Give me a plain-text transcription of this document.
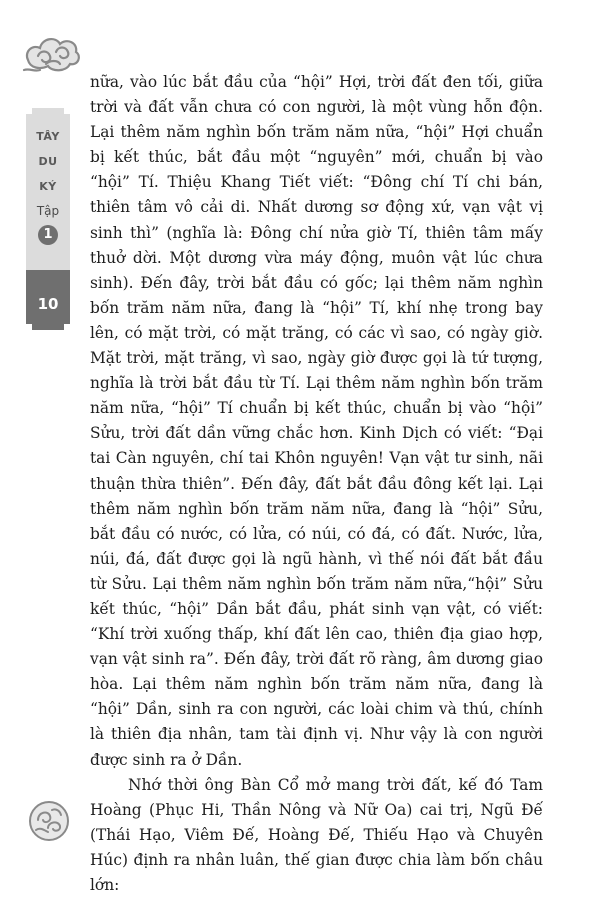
TÂY
DU
KÝ
Tập
1
10

nữa, vào lúc bắt đầu của “hội” Hợi, trời đất đen tối, giữa trời và đất vẫn chưa có con người, là một vùng hỗn độn. Lại thêm năm nghìn bốn trăm năm nữa, “hội” Hợi chuẩn bị kết thúc, bắt đầu một “nguyên” mới, chuẩn bị vào “hội” Tí. Thiệu Khang Tiết viết: “Đông chí Tí chi bán, thiên tâm vô cải di. Nhất dương sơ động xứ, vạn vật vị sinh thì” (nghĩa là: Đông chí nửa giờ Tí, thiên tâm mấy thuở dời. Một dương vừa máy động, muôn vật lúc chưa sinh). Đến đây, trời bắt đầu có gốc; lại thêm năm nghìn bốn trăm năm nữa, đang là “hội” Tí, khí nhẹ trong bay lên, có mặt trời, có mặt trăng, có các vì sao, có ngày giờ. Mặt trời, mặt trăng, vì sao, ngày giờ được gọi là tứ tượng, nghĩa là trời bắt đầu từ Tí. Lại thêm năm nghìn bốn trăm năm nữa, “hội” Tí chuẩn bị kết thúc, chuẩn bị vào “hội” Sửu, trời đất dần vững chắc hơn. Kinh Dịch có viết: “Đại tai Càn nguyên, chí tai Khôn nguyên! Vạn vật tư sinh, nãi thuận thừa thiên”. Đến đây, đất bắt đầu đông kết lại. Lại thêm năm nghìn bốn trăm năm nữa, đang là “hội” Sửu, bắt đầu có nước, có lửa, có núi, có đá, có đất. Nước, lửa, núi, đá, đất được gọi là ngũ hành, vì thế nói đất bắt đầu từ Sửu. Lại thêm năm nghìn bốn trăm năm nữa,“hội” Sửu kết thúc, “hội” Dần bắt đầu, phát sinh vạn vật, có viết: “Khí trời xuống thấp, khí đất lên cao, thiên địa giao hợp, vạn vật sinh ra”. Đến đây, trời đất rõ ràng, âm dương giao hòa. Lại thêm năm nghìn bốn trăm năm nữa, đang là “hội” Dần, sinh ra con người, các loài chim và thú, chính là thiên địa nhân, tam tài định vị. Như vậy là con người được sinh ra ở Dần.

Nhớ thời ông Bàn Cổ mở mang trời đất, kế đó Tam Hoàng (Phục Hi, Thần Nông và Nữ Oa) cai trị, Ngũ Đế (Thái Hạo, Viêm Đế, Hoàng Đế, Thiếu Hạo và Chuyên Húc) định ra nhân luân, thế gian được chia làm bốn châu lớn:
